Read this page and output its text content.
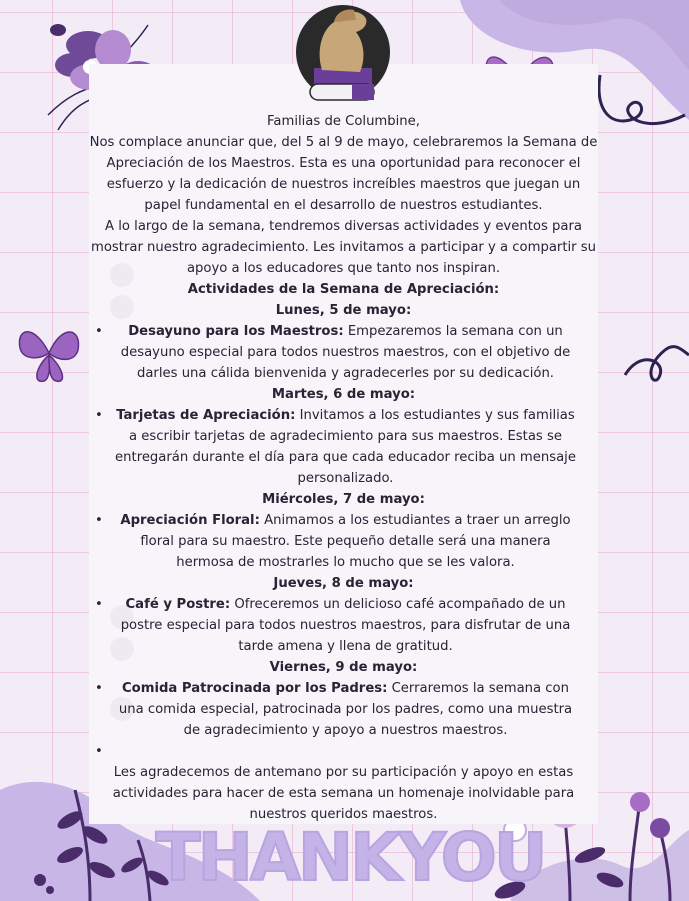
Familias de Columbine,

Nos complace anunciar que, del 5 al 9 de mayo, celebraremos la Semana de Apreciación de los Maestros. Esta es una oportunidad para reconocer el esfuerzo y la dedicación de nuestros increíbles maestros que juegan un papel fundamental en el desarrollo de nuestros estudiantes.

A lo largo de la semana, tendremos diversas actividades y eventos para mostrar nuestro agradecimiento. Les invitamos a participar y a compartir su apoyo a los educadores que tanto nos inspiran.

Actividades de la Semana de Apreciación:

Lunes, 5 de mayo:

• Desayuno para los Maestros: Empezaremos la semana con un desayuno especial para todos nuestros maestros, con el objetivo de darles una cálida bienvenida y agradecerles por su dedicación.

Martes, 6 de mayo:

• Tarjetas de Apreciación: Invitamos a los estudiantes y sus familias a escribir tarjetas de agradecimiento para sus maestros. Estas se entregarán durante el día para que cada educador reciba un mensaje personalizado.

Miércoles, 7 de mayo:

• Apreciación Floral: Animamos a los estudiantes a traer un arreglo floral para su maestro. Este pequeño detalle será una manera hermosa de mostrarles lo mucho que se les valora.

Jueves, 8 de mayo:

• Café y Postre: Ofreceremos un delicioso café acompañado de un postre especial para todos nuestros maestros, para disfrutar de una tarde amena y llena de gratitud.

Viernes, 9 de mayo:

• Comida Patrocinada por los Padres: Cerraremos la semana con una comida especial, patrocinada por los padres, como una muestra de agradecimiento y apoyo a nuestros maestros.
•

Les agradecemos de antemano por su participación y apoyo en estas actividades para hacer de esta semana un homenaje inolvidable para nuestros queridos maestros.

THANKYOU
